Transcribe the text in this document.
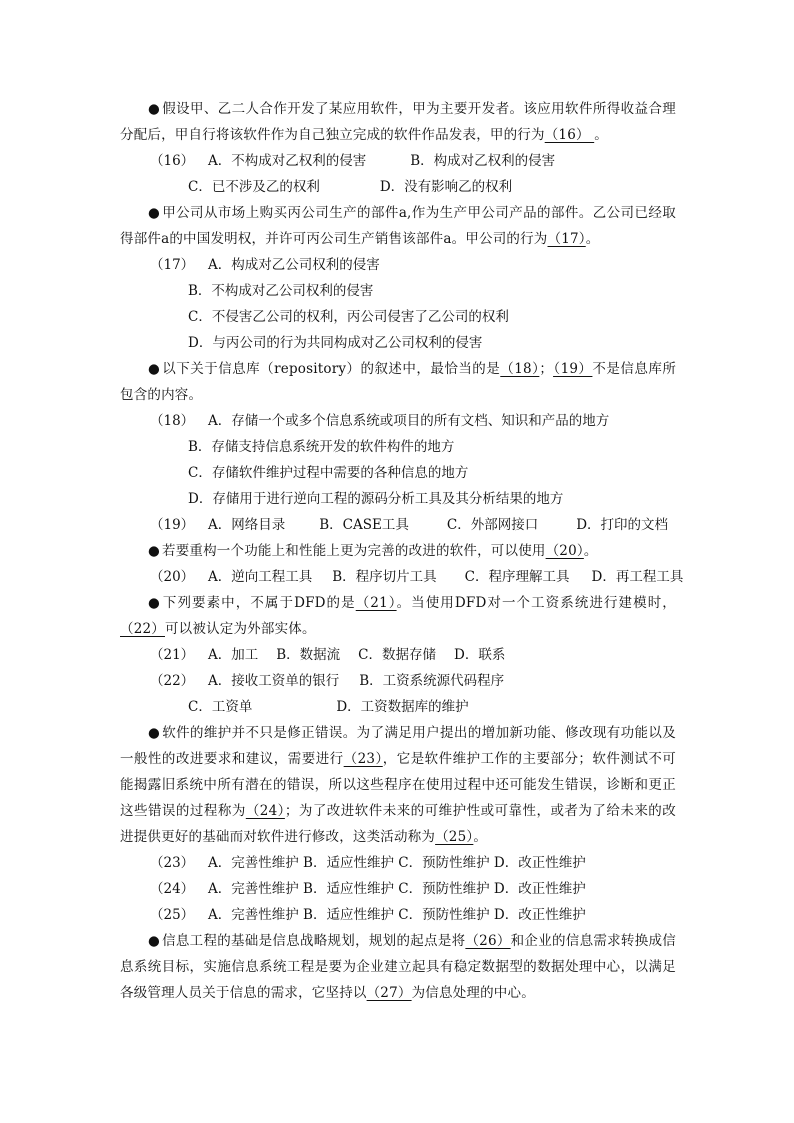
● 假设甲、乙二人合作开发了某应用软件，甲为主要开发者。该应用软件所得收益合理分配后，甲自行将该软件作为自己独立完成的软件作品发表，甲的行为（16） 。
（16） A．不构成对乙权利的侵害	B．构成对乙权利的侵害
C．已不涉及乙的权利	D．没有影响乙的权利
● 甲公司从市场上购买丙公司生产的部件a,作为生产甲公司产品的部件。乙公司已经取得部件a的中国发明权，并许可丙公司生产销售该部件a。甲公司的行为（17）。
（17） A．构成对乙公司权利的侵害
B．不构成对乙公司权利的侵害
C．不侵害乙公司的权利，丙公司侵害了乙公司的权利
D．与丙公司的行为共同构成对乙公司权利的侵害
● 以下关于信息库（repository）的叙述中，最恰当的是（18）；（19）不是信息库所包含的内容。
（18） A．存储一个或多个信息系统或项目的所有文档、知识和产品的地方
B．存储支持信息系统开发的软件构件的地方
C．存储软件维护过程中需要的各种信息的地方
D．存储用于进行逆向工程的源码分析工具及其分析结果的地方
（19） A．网络目录	B．CASE工具	C．外部网接口	D．打印的文档
● 若要重构一个功能上和性能上更为完善的改进的软件，可以使用（20）。
（20） A．逆向工程工具 B．程序切片工具 C．程序理解工具 D．再工程工具
● 下列要素中，不属于DFD的是（21）。当使用DFD对一个工资系统进行建模时，（22）可以被认定为外部实体。
（21） A．加工 B．数据流 C．数据存储 D．联系
（22） A．接收工资单的银行 B．工资系统源代码程序
C．工资单	D．工资数据库的维护
● 软件的维护并不只是修正错误。为了满足用户提出的增加新功能、修改现有功能以及一般性的改进要求和建议，需要进行（23），它是软件维护工作的主要部分；软件测试不可能揭露旧系统中所有潜在的错误，所以这些程序在使用过程中还可能发生错误，诊断和更正这些错误的过程称为（24）；为了改进软件未来的可维护性或可靠性，或者为了给未来的改进提供更好的基础而对软件进行修改，这类活动称为（25）。
（23） A．完善性维护 B．适应性维护 C．预防性维护 D．改正性维护
（24） A．完善性维护 B．适应性维护 C．预防性维护 D．改正性维护
（25） A．完善性维护 B．适应性维护 C．预防性维护 D．改正性维护
● 信息工程的基础是信息战略规划，规划的起点是将（26）和企业的信息需求转换成信息系统目标，实施信息系统工程是要为企业建立起具有稳定数据型的数据处理中心，以满足各级管理人员关于信息的需求，它坚持以（27）为信息处理的中心。
